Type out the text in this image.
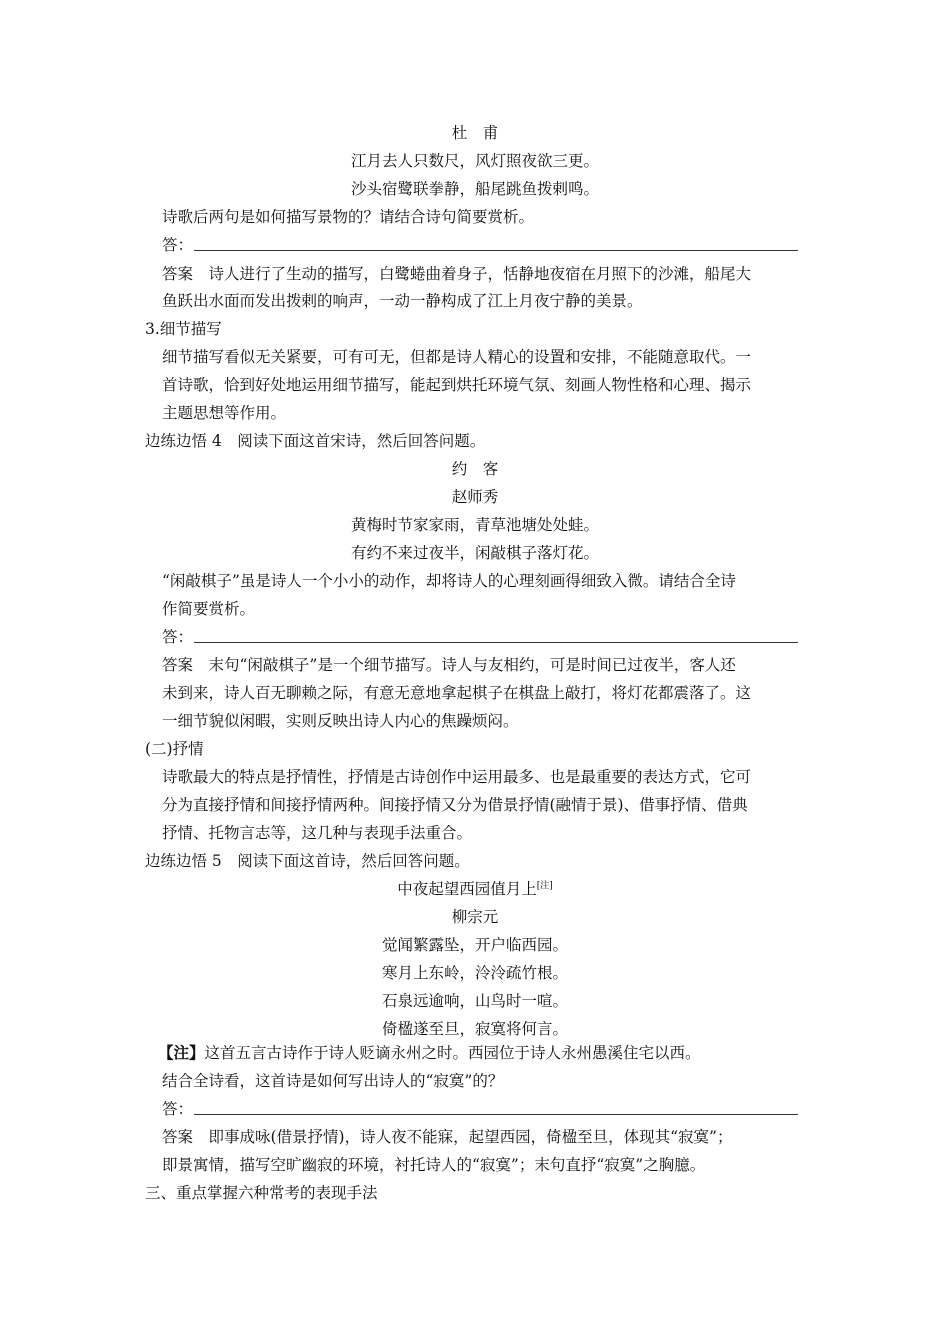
杜　甫
江月去人只数尺，风灯照夜欲三更。
沙头宿鹭联拳静，船尾跳鱼拨剌鸣。
诗歌后两句是如何描写景物的？请结合诗句简要赏析。
答：
答案　诗人进行了生动的描写，白鹭蜷曲着身子，恬静地夜宿在月照下的沙滩，船尾大
鱼跃出水面而发出拨剌的响声，一动一静构成了江上月夜宁静的美景。
3.细节描写
细节描写看似无关紧要，可有可无，但都是诗人精心的设置和安排，不能随意取代。一
首诗歌，恰到好处地运用细节描写，能起到烘托环境气氛、刻画人物性格和心理、揭示
主题思想等作用。
边练边悟 4　阅读下面这首宋诗，然后回答问题。
约　客
赵师秀
黄梅时节家家雨，青草池塘处处蛙。
有约不来过夜半，闲敲棋子落灯花。
“闲敲棋子”虽是诗人一个小小的动作，却将诗人的心理刻画得细致入微。请结合全诗
作简要赏析。
答：
答案　末句“闲敲棋子”是一个细节描写。诗人与友相约，可是时间已过夜半，客人还
未到来，诗人百无聊赖之际，有意无意地拿起棋子在棋盘上敲打，将灯花都震落了。这
一细节貌似闲暇，实则反映出诗人内心的焦躁烦闷。
(二)抒情
诗歌最大的特点是抒情性，抒情是古诗创作中运用最多、也是最重要的表达方式，它可
分为直接抒情和间接抒情两种。间接抒情又分为借景抒情(融情于景)、借事抒情、借典
抒情、托物言志等，这几种与表现手法重合。
边练边悟 5　阅读下面这首诗，然后回答问题。
中夜起望西园值月上[注]
柳宗元
觉闻繁露坠，开户临西园。
寒月上东岭，泠泠疏竹根。
石泉远逾响，山鸟时一喧。
倚楹遂至旦，寂寞将何言。
【注】这首五言古诗作于诗人贬谪永州之时。西园位于诗人永州愚溪住宅以西。
结合全诗看，这首诗是如何写出诗人的“寂寞”的？
答：
答案　即事成咏(借景抒情)，诗人夜不能寐，起望西园，倚楹至旦，体现其“寂寞”；
即景寓情，描写空旷幽寂的环境，衬托诗人的“寂寞”；末句直抒“寂寞”之胸臆。
三、重点掌握六种常考的表现手法
